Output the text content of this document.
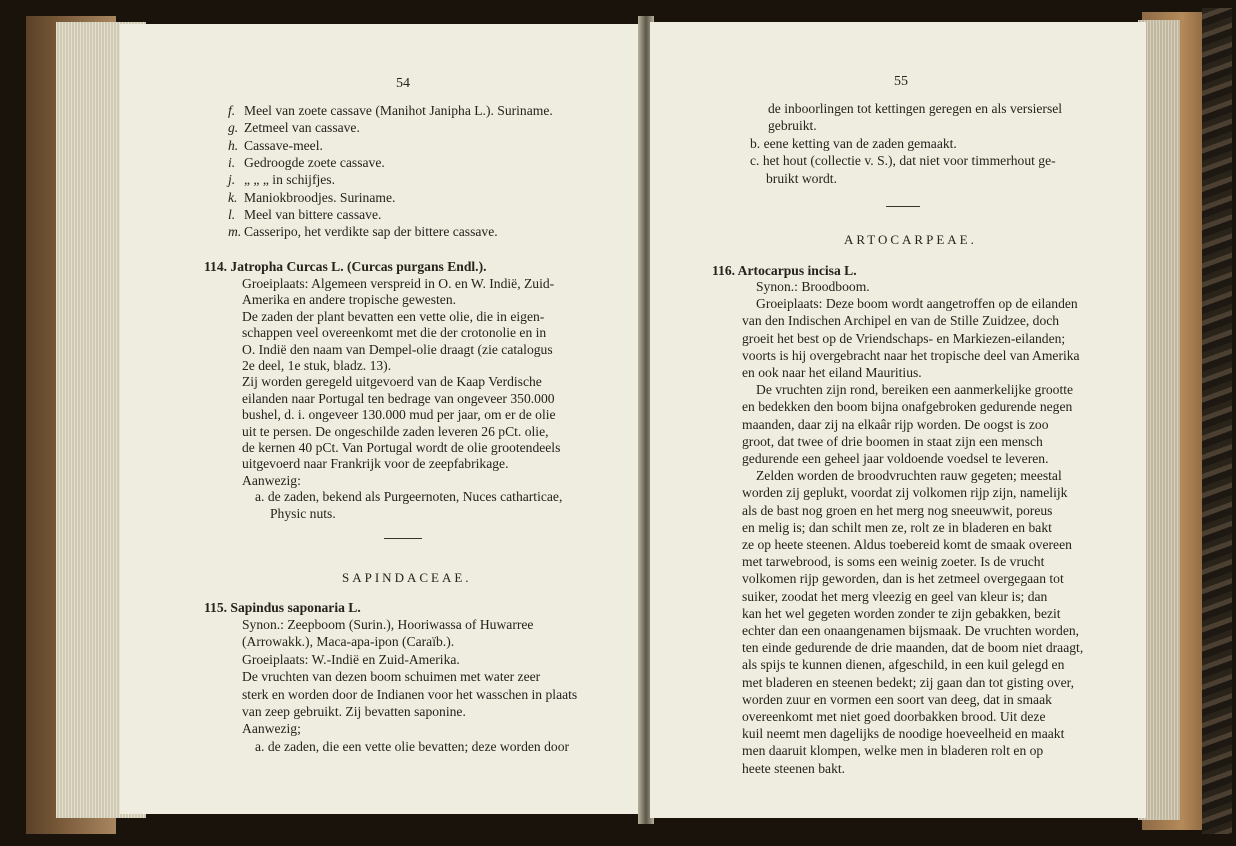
54
f. Meel van zoete cassave (Manihot Janipha L.). Suriname.
g. Zetmeel van cassave.
h. Cassave-meel.
i. Gedroogde zoete cassave.
j. „ „ „ in schijfjes.
k. Maniokbroodjes. Suriname.
l. Meel van bittere cassave.
m. Casseripo, het verdikte sap der bittere cassave.
114. Jatropha Curcas L. (Curcas purgans Endl.).
Groeiplaats: Algemeen verspreid in O. en W. Indië, Zuid-
Amerika en andere tropische gewesten.
De zaden der plant bevatten een vette olie, die in eigen-
schappen veel overeenkomt met die der crotonolie en in
O. Indië den naam van Dempel-olie draagt (zie catalogus
2e deel, 1e stuk, bladz. 13).
Zij worden geregeld uitgevoerd van de Kaap Verdische
eilanden naar Portugal ten bedrage van ongeveer 350.000
bushel, d. i. ongeveer 130.000 mud per jaar, om er de olie
uit te persen. De ongeschilde zaden leveren 26 pCt. olie,
de kernen 40 pCt. Van Portugal wordt de olie grootendeels
uitgevoerd naar Frankrijk voor de zeepfabrikage.
Aanwezig:
a. de zaden, bekend als Purgeernoten, Nuces catharticae,
Physic nuts.
SAPINDACEAE.
115. Sapindus saponaria L.
Synon.: Zeepboom (Surin.), Hooriwassa of Huwarree
(Arrowakk.), Maca-apa-ipon (Caraïb.).
Groeiplaats: W.-Indië en Zuid-Amerika.
De vruchten van dezen boom schuimen met water zeer
sterk en worden door de Indianen voor het wasschen in plaats
van zeep gebruikt. Zij bevatten saponine.
Aanwezig;
a. de zaden, die een vette olie bevatten; deze worden door
55
de inboorlingen tot kettingen geregen en als versiersel
gebruikt.
b. eene ketting van de zaden gemaakt.
c. het hout (collectie v. S.), dat niet voor timmerhout ge-
bruikt wordt.
ARTOCARPEAE.
116. Artocarpus incisa L.
Synon.: Broodboom.
Groeiplaats: Deze boom wordt aangetroffen op de eilanden
van den Indischen Archipel en van de Stille Zuidzee, doch
groeit het best op de Vriendschaps- en Markiezen-eilanden;
voorts is hij overgebracht naar het tropische deel van Amerika
en ook naar het eiland Mauritius.
De vruchten zijn rond, bereiken een aanmerkelijke grootte
en bedekken den boom bijna onafgebroken gedurende negen
maanden, daar zij na elkaâr rijp worden. De oogst is zoo
groot, dat twee of drie boomen in staat zijn een mensch
gedurende een geheel jaar voldoende voedsel te leveren.
Zelden worden de broodvruchten rauw gegeten; meestal
worden zij geplukt, voordat zij volkomen rijp zijn, namelijk
als de bast nog groen en het merg nog sneeuwwit, poreus
en melig is; dan schilt men ze, rolt ze in bladeren en bakt
ze op heete steenen. Aldus toebereid komt de smaak overeen
met tarwebrood, is soms een weinig zoeter. Is de vrucht
volkomen rijp geworden, dan is het zetmeel overgegaan tot
suiker, zoodat het merg vleezig en geel van kleur is; dan
kan het wel gegeten worden zonder te zijn gebakken, bezit
echter dan een onaangenamen bijsmaak. De vruchten worden,
ten einde gedurende de drie maanden, dat de boom niet draagt,
als spijs te kunnen dienen, afgeschild, in een kuil gelegd en
met bladeren en steenen bedekt; zij gaan dan tot gisting over,
worden zuur en vormen een soort van deeg, dat in smaak
overeenkomt met niet goed doorbakken brood. Uit deze
kuil neemt men dagelijks de noodige hoeveelheid en maakt
men daaruit klompen, welke men in bladeren rolt en op
heete steenen bakt.
